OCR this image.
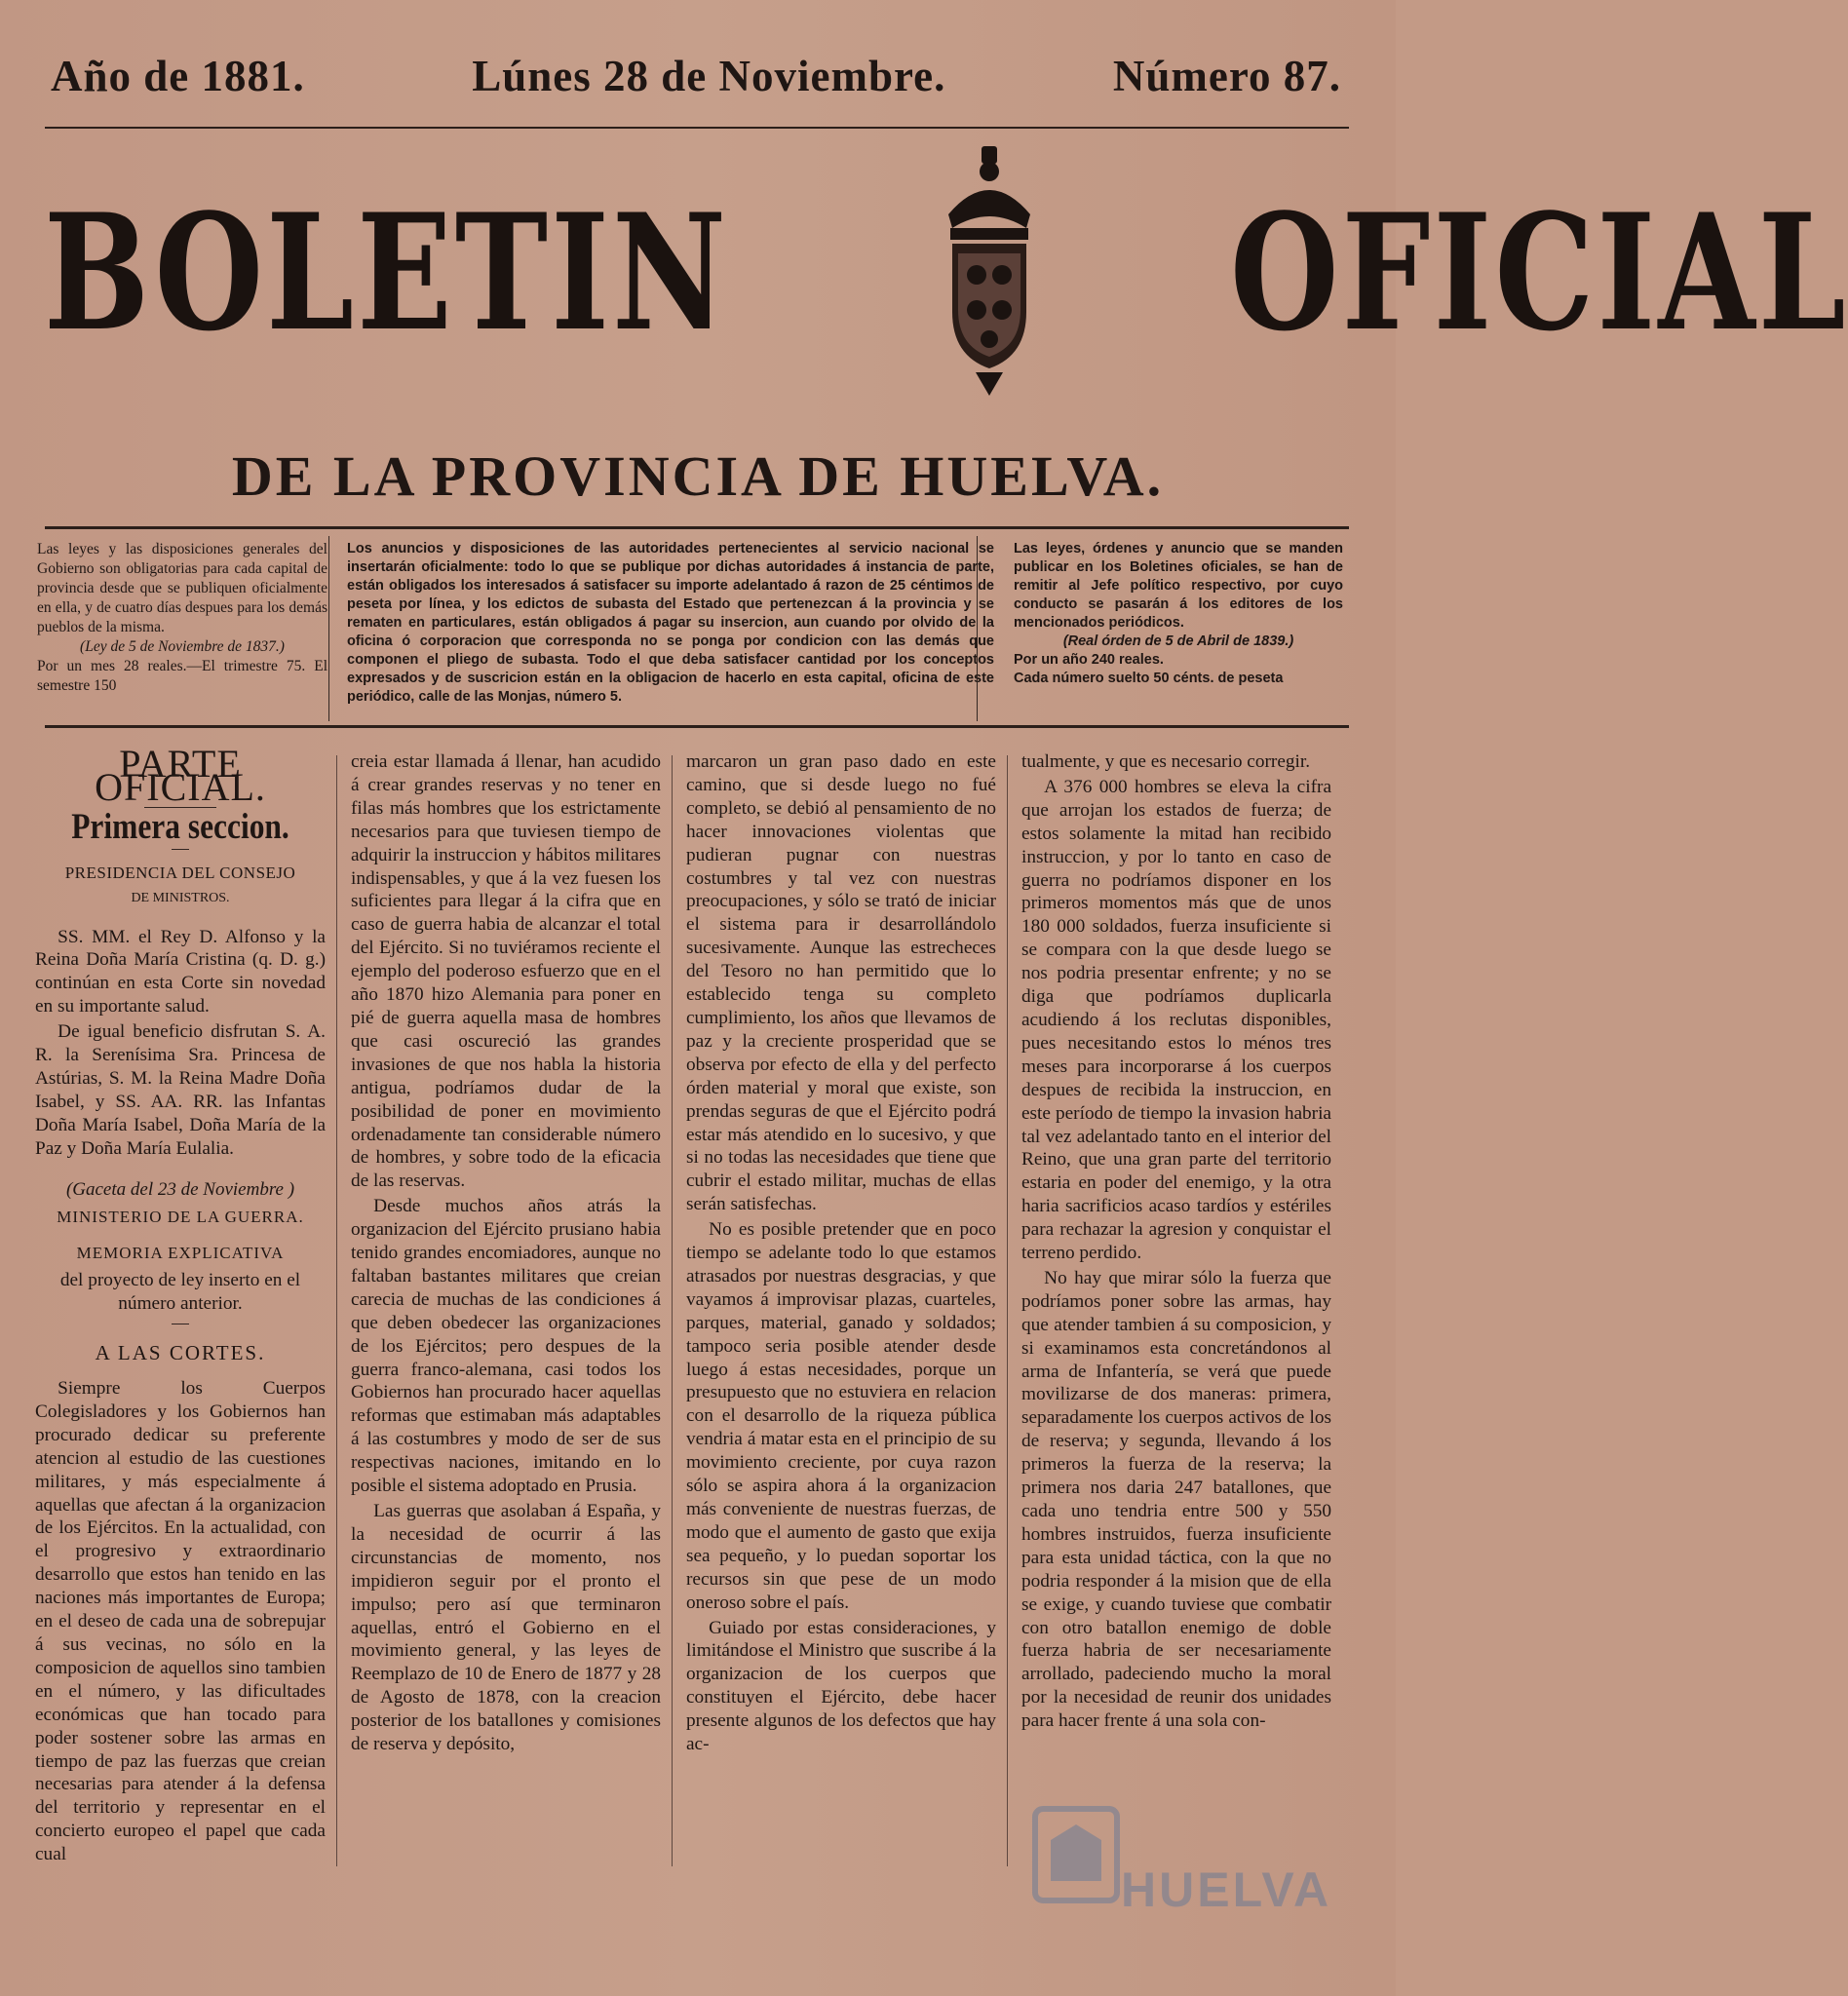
Año de 1881.	Lúnes 28 de Noviembre.	Número 87.
BOLETIN	OFICIAL
DE LA PROVINCIA DE HUELVA.
Las leyes y las disposiciones generales del Gobierno son obligatorias para cada capital de provincia desde que se publiquen oficialmente en ella, y de cuatro días despues para los demás pueblos de la misma.
(Ley de 5 de Noviembre de 1837.)
Por un mes 28 reales.—El trimestre 75. El semestre 150
Los anuncios y disposiciones de las autoridades pertenecientes al servicio nacional se insertarán oficialmente: todo lo que se publique por dichas autoridades á instancia de parte, están obligados los interesados á satisfacer su importe adelantado á razon de 25 céntimos de peseta por línea, y los edictos de subasta del Estado que pertenezcan á la provincia y se rematen en particulares, están obligados á pagar su insercion, aun cuando por olvido de la oficina ó corporacion que corresponda no se ponga por condicion con las demás que componen el pliego de subasta. Todo el que deba satisfacer cantidad por los conceptos expresados y de suscricion están en la obligacion de hacerlo en esta capital, oficina de este periódico, calle de las Monjas, número 5.
Las leyes, órdenes y anuncio que se manden publicar en los Boletines oficiales, se han de remitir al Jefe político respectivo, por cuyo conducto se pasarán á los editores de los mencionados periódicos.
(Real órden de 5 de Abril de 1839.)
Por un año 240 reales.
Cada número suelto 50 cénts. de peseta
PARTE OFICIAL.
Primera seccion.
PRESIDENCIA DEL CONSEJO
DE MINISTROS.

SS. MM. el Rey D. Alfonso y la Reina Doña María Cristina (q. D. g.) continúan en esta Corte sin novedad en su importante salud.

De igual beneficio disfrutan S. A. R. la Serenísima Sra. Princesa de Astúrias, S. M. la Reina Madre Doña Isabel, y SS. AA. RR. las Infantas Doña María Isabel, Doña María de la Paz y Doña María Eulalia.

(Gaceta del 23 de Noviembre )
MINISTERIO DE LA GUERRA.
MEMORIA EXPLICATIVA
del proyecto de ley inserto en el número anterior.
A LAS CORTES.

Siempre los Cuerpos Colegisladores y los Gobiernos han procurado dedicar su preferente atencion al estudio de las cuestiones militares, y más especialmente á aquellas que afectan á la organizacion de los Ejércitos. En la actualidad, con el progresivo y extraordinario desarrollo que estos han tenido en las naciones más importantes de Europa; en el deseo de cada una de sobrepujar á sus vecinas, no sólo en la composicion de aquellos sino tambien en el número, y las dificultades económicas que han tocado para poder sostener sobre las armas en tiempo de paz las fuerzas que creian necesarias para atender á la defensa del territorio y representar en el concierto europeo el papel que cada cual

creia estar llamada á llenar, han acudido á crear grandes reservas y no tener en filas más hombres que los estrictamente necesarios para que tuviesen tiempo de adquirir la instruccion y hábitos militares indispensables, y que á la vez fuesen los suficientes para llegar á la cifra que en caso de guerra habia de alcanzar el total del Ejército. Si no tuviéramos reciente el ejemplo del poderoso esfuerzo que en el año 1870 hizo Alemania para poner en pié de guerra aquella masa de hombres que casi oscureció las grandes invasiones de que nos habla la historia antigua, podríamos dudar de la posibilidad de poner en movimiento ordenadamente tan considerable número de hombres, y sobre todo de la eficacia de las reservas.

Desde muchos años atrás la organizacion del Ejército prusiano habia tenido grandes encomiadores, aunque no faltaban bastantes militares que creian carecia de muchas de las condiciones á que deben obedecer las organizaciones de los Ejércitos; pero despues de la guerra franco-alemana, casi todos los Gobiernos han procurado hacer aquellas reformas que estimaban más adaptables á las costumbres y modo de ser de sus respectivas naciones, imitando en lo posible el sistema adoptado en Prusia.

Las guerras que asolaban á España, y la necesidad de ocurrir á las circunstancias de momento, nos impidieron seguir por el pronto el impulso; pero así que terminaron aquellas, entró el Gobierno en el movimiento general, y las leyes de Reemplazo de 10 de Enero de 1877 y 28 de Agosto de 1878, con la creacion posterior de los batallones y comisiones de reserva y depósito,

marcaron un gran paso dado en este camino, que si desde luego no fué completo, se debió al pensamiento de no hacer innovaciones violentas que pudieran pugnar con nuestras costumbres y tal vez con nuestras preocupaciones, y sólo se trató de iniciar el sistema para ir desarrollándolo sucesivamente. Aunque las estrecheces del Tesoro no han permitido que lo establecido tenga su completo cumplimiento, los años que llevamos de paz y la creciente prosperidad que se observa por efecto de ella y del perfecto órden material y moral que existe, son prendas seguras de que el Ejército podrá estar más atendido en lo sucesivo, y que si no todas las necesidades que tiene que cubrir el estado militar, muchas de ellas serán satisfechas.

No es posible pretender que en poco tiempo se adelante todo lo que estamos atrasados por nuestras desgracias, y que vayamos á improvisar plazas, cuarteles, parques, material, ganado y soldados; tampoco seria posible atender desde luego á estas necesidades, porque un presupuesto que no estuviera en relacion con el desarrollo de la riqueza pública vendria á matar esta en el principio de su movimiento creciente, por cuya razon sólo se aspira ahora á la organizacion más conveniente de nuestras fuerzas, de modo que el aumento de gasto que exija sea pequeño, y lo puedan soportar los recursos sin que pese de un modo oneroso sobre el país.

Guiado por estas consideraciones, y limitándose el Ministro que suscribe á la organizacion de los cuerpos que constituyen el Ejército, debe hacer presente algunos de los defectos que hay ac-

tualmente, y que es necesario corregir.

A 376 000 hombres se eleva la cifra que arrojan los estados de fuerza; de estos solamente la mitad han recibido instruccion, y por lo tanto en caso de guerra no podríamos disponer en los primeros momentos más que de unos 180 000 soldados, fuerza insuficiente si se compara con la que desde luego se nos podria presentar enfrente; y no se diga que podríamos duplicarla acudiendo á los reclutas disponibles, pues necesitando estos lo ménos tres meses para incorporarse á los cuerpos despues de recibida la instruccion, en este período de tiempo la invasion habria tal vez adelantado tanto en el interior del Reino, que una gran parte del territorio estaria en poder del enemigo, y la otra haria sacrificios acaso tardíos y estériles para rechazar la agresion y conquistar el terreno perdido.

No hay que mirar sólo la fuerza que podríamos poner sobre las armas, hay que atender tambien á su composicion, y si examinamos esta concretándonos al arma de Infantería, se verá que puede movilizarse de dos maneras: primera, separadamente los cuerpos activos de los de reserva; y segunda, llevando á los primeros la fuerza de la reserva; la primera nos daria 247 batallones, que cada uno tendria entre 500 y 550 hombres instruidos, fuerza insuficiente para esta unidad táctica, con la que no podria responder á la mision que de ella se exige, y cuando tuviese que combatir con otro batallon enemigo de doble fuerza habria de ser necesariamente arrollado, padeciendo mucho la moral por la necesidad de reunir dos unidades para hacer frente á una sola con-

HUELVA
